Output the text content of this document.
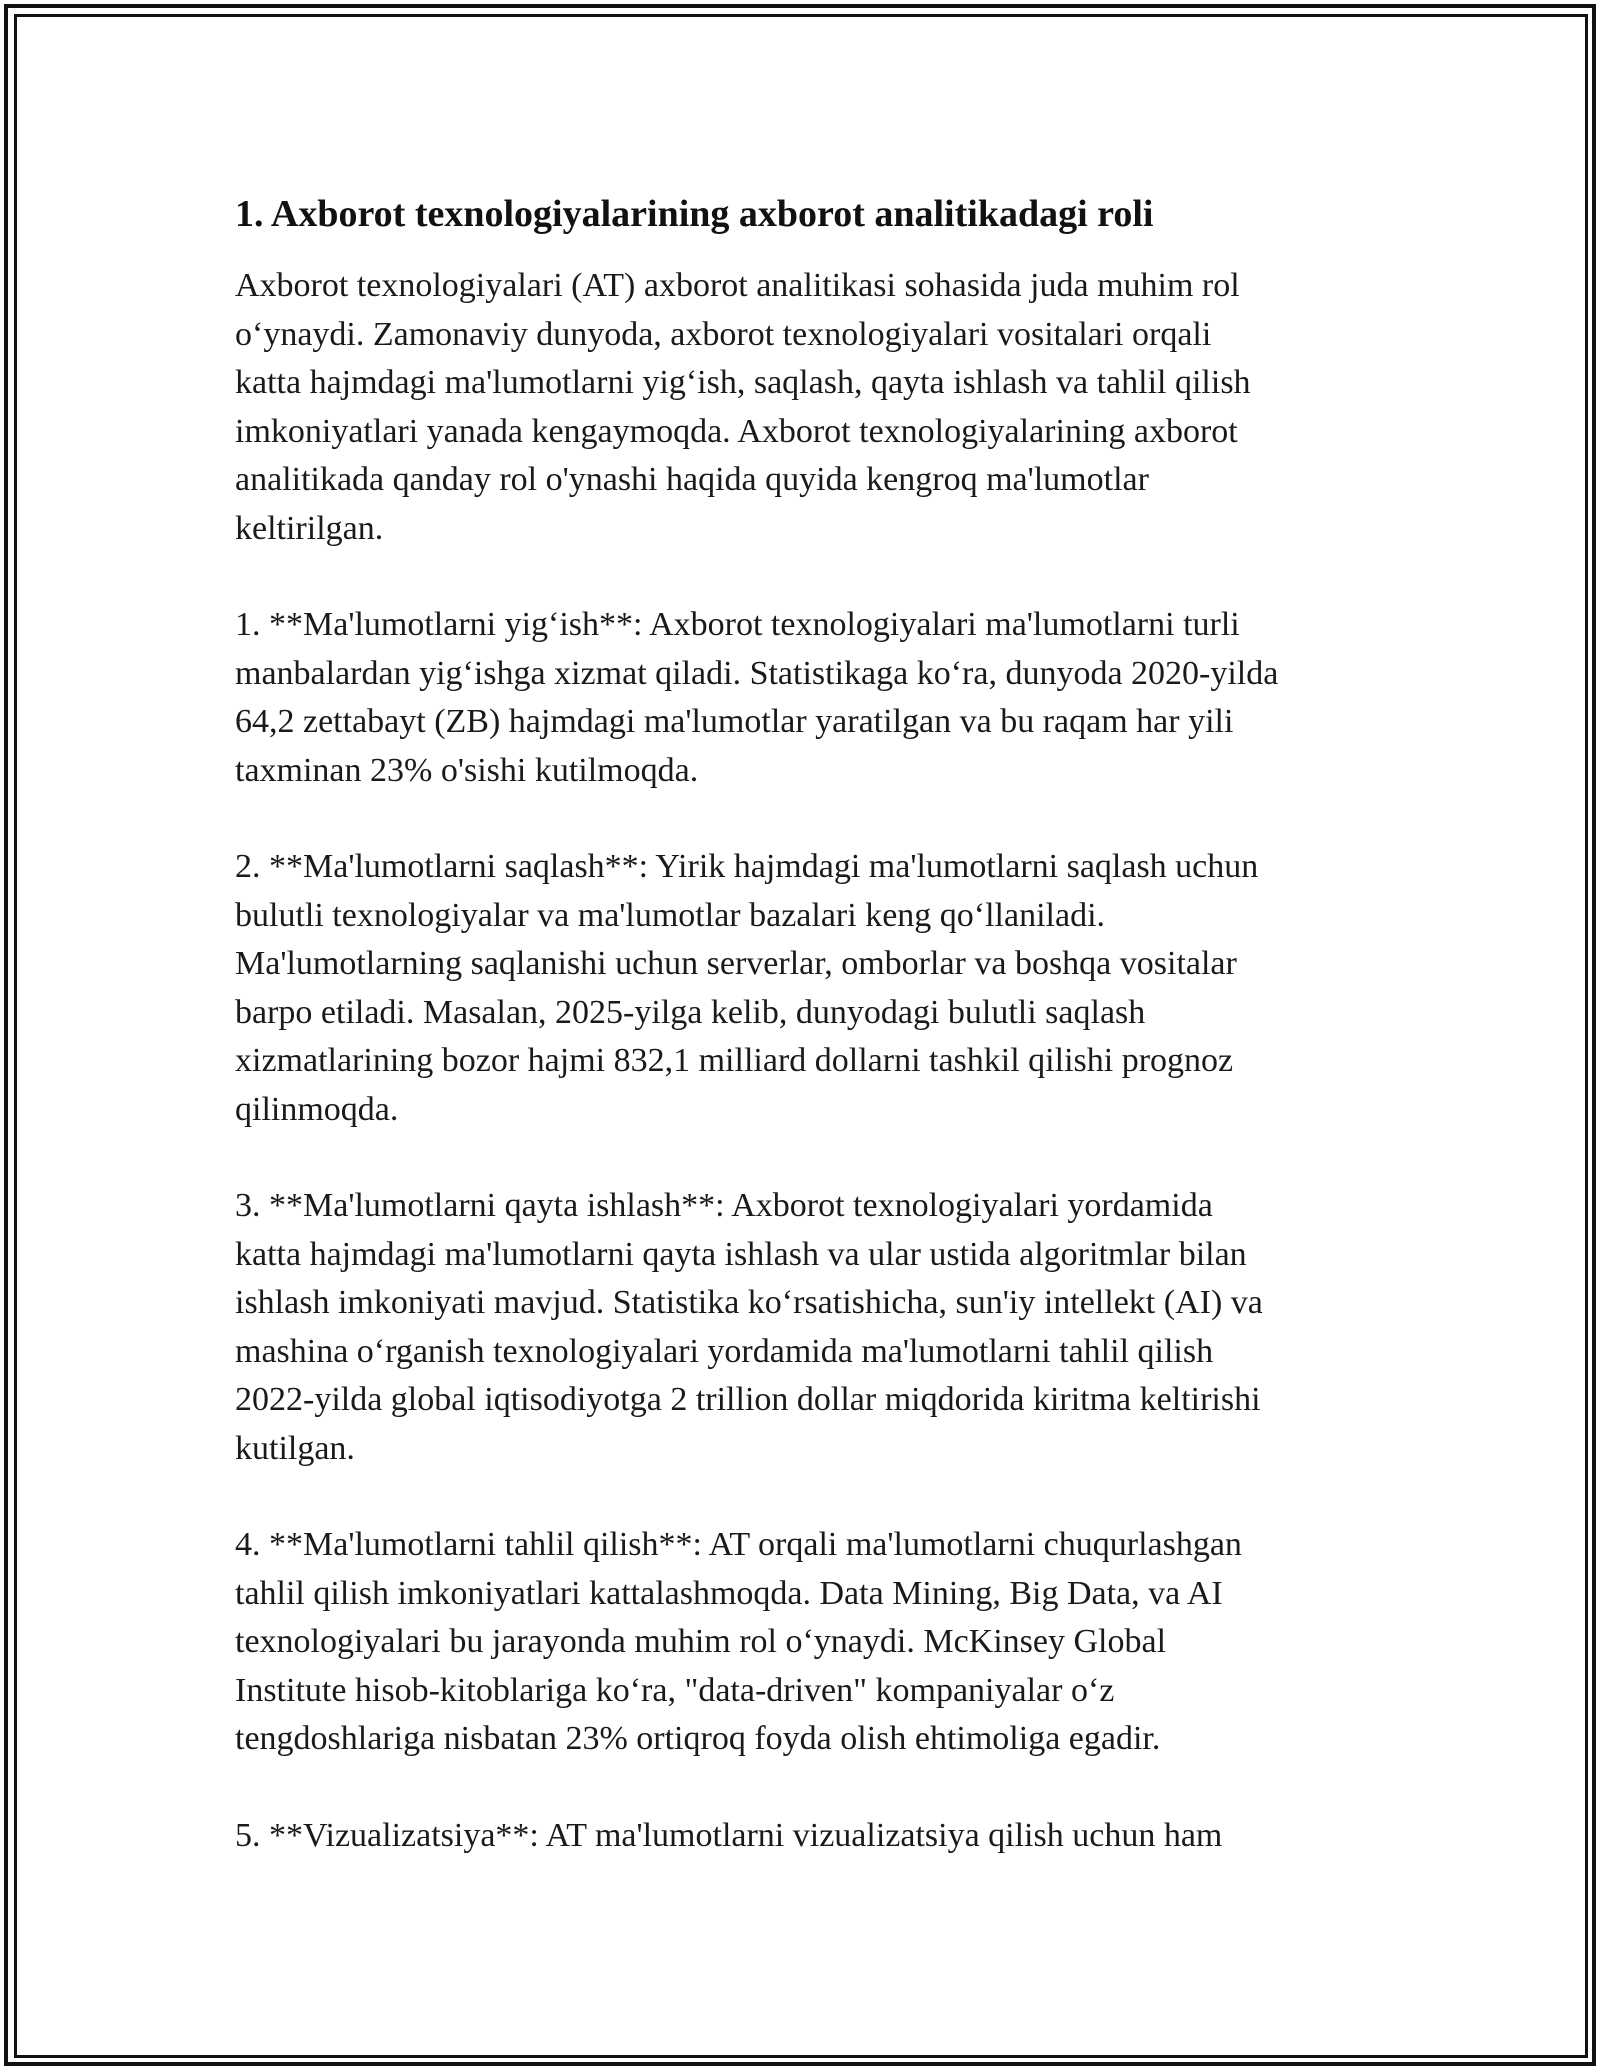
1. Axborot texnologiyalarining axborot analitikadagi roli

Axborot texnologiyalari (AT) axborot analitikasi sohasida juda muhim rol
o‘ynaydi. Zamonaviy dunyoda, axborot texnologiyalari vositalari orqali
katta hajmdagi ma'lumotlarni yig‘ish, saqlash, qayta ishlash va tahlil qilish
imkoniyatlari yanada kengaymoqda. Axborot texnologiyalarining axborot
analitikada qanday rol o'ynashi haqida quyida kengroq ma'lumotlar
keltirilgan.

1. **Ma'lumotlarni yig‘ish**: Axborot texnologiyalari ma'lumotlarni turli
manbalardan yig‘ishga xizmat qiladi. Statistikaga ko‘ra, dunyoda 2020-yilda
64,2 zettabayt (ZB) hajmdagi ma'lumotlar yaratilgan va bu raqam har yili
taxminan 23% o'sishi kutilmoqda.

2. **Ma'lumotlarni saqlash**: Yirik hajmdagi ma'lumotlarni saqlash uchun
bulutli texnologiyalar va ma'lumotlar bazalari keng qo‘llaniladi.
Ma'lumotlarning saqlanishi uchun serverlar, omborlar va boshqa vositalar
barpo etiladi. Masalan, 2025-yilga kelib, dunyodagi bulutli saqlash
xizmatlarining bozor hajmi 832,1 milliard dollarni tashkil qilishi prognoz
qilinmoqda.

3. **Ma'lumotlarni qayta ishlash**: Axborot texnologiyalari yordamida
katta hajmdagi ma'lumotlarni qayta ishlash va ular ustida algoritmlar bilan
ishlash imkoniyati mavjud. Statistika ko‘rsatishicha, sun'iy intellekt (AI) va
mashina o‘rganish texnologiyalari yordamida ma'lumotlarni tahlil qilish
2022-yilda global iqtisodiyotga 2 trillion dollar miqdorida kiritma keltirishi
kutilgan.

4. **Ma'lumotlarni tahlil qilish**: AT orqali ma'lumotlarni chuqurlashgan
tahlil qilish imkoniyatlari kattalashmoqda. Data Mining, Big Data, va AI
texnologiyalari bu jarayonda muhim rol o‘ynaydi. McKinsey Global
Institute hisob-kitoblariga ko‘ra, "data-driven" kompaniyalar o‘z
tengdoshlariga nisbatan 23% ortiqroq foyda olish ehtimoliga egadir.

5. **Vizualizatsiya**: AT ma'lumotlarni vizualizatsiya qilish uchun ham
